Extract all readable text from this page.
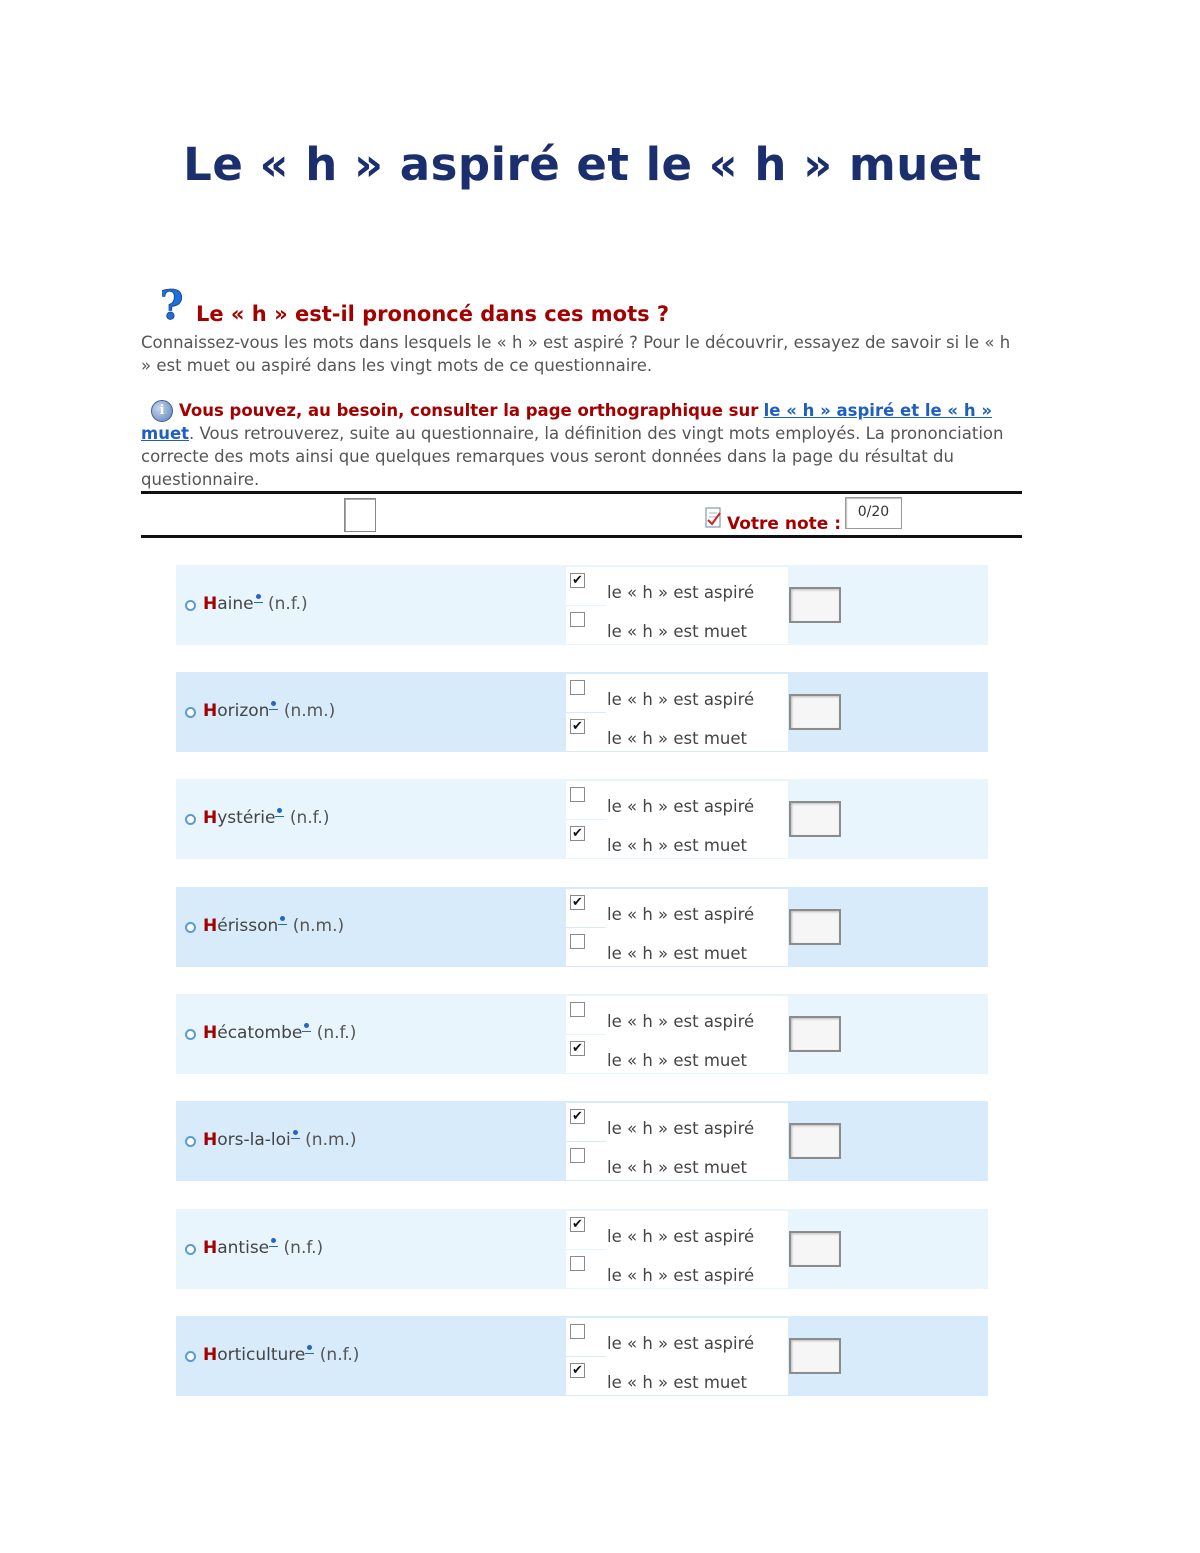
Le « h » aspiré et le « h » muet
? Le « h » est-il prononcé dans ces mots ?
Connaissez-vous les mots dans lesquels le « h » est aspiré ? Pour le découvrir, essayez de savoir si le « h » est muet ou aspiré dans les vingt mots de ce questionnaire.
i Vous pouvez, au besoin, consulter la page orthographique sur le « h » aspiré et le « h » muet. Vous retrouverez, suite au questionnaire, la définition des vingt mots employés. La prononciation correcte des mots ainsi que quelques remarques vous seront données dans la page du résultat du questionnaire.
Votre note :
0/20
Haine (n.f.)
✔
le « h » est aspiré
le « h » est muet
Horizon (n.m.)
✔
le « h » est aspiré
le « h » est muet
Hystérie (n.f.)
✔
le « h » est aspiré
le « h » est muet
Hérisson (n.m.)
✔
le « h » est aspiré
le « h » est muet
Hécatombe (n.f.)
✔
le « h » est aspiré
le « h » est muet
Hors-la-loi (n.m.)
✔
le « h » est aspiré
le « h » est muet
Hantise (n.f.)
✔
le « h » est aspiré
le « h » est aspiré
Horticulture (n.f.)
✔
le « h » est aspiré
le « h » est muet
